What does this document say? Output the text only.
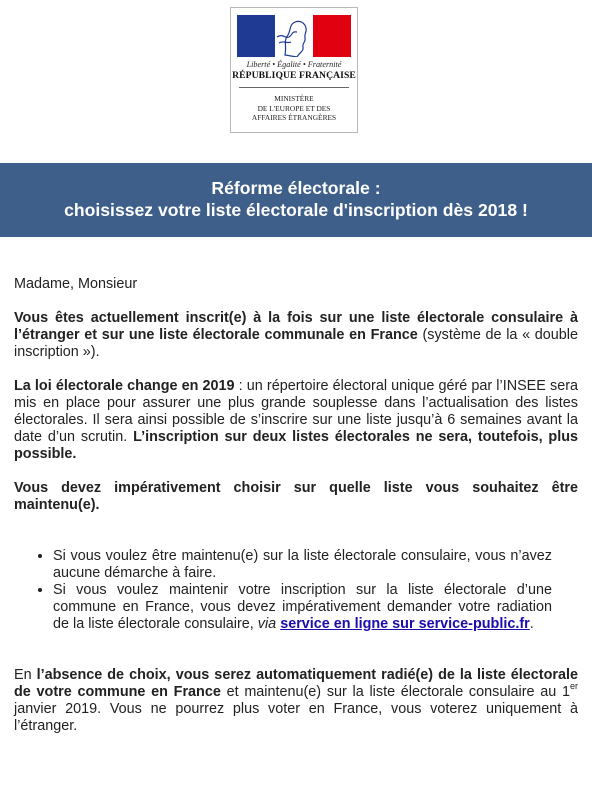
Liberté • Égalité • Fraternité
RÉPUBLIQUE FRANÇAISE
MINISTÈRE
DE L'EUROPE ET DES
AFFAIRES ÉTRANGÈRES
Réforme électorale :
choisissez votre liste électorale d'inscription dès 2018 !

Madame, Monsieur

Vous êtes actuellement inscrit(e) à la fois sur une liste électorale consulaire à l’étranger et sur une liste électorale communale en France (système de la « double inscription »).

La loi électorale change en 2019 : un répertoire électoral unique géré par l’INSEE sera mis en place pour assurer une plus grande souplesse dans l’actualisation des listes électorales. Il sera ainsi possible de s’inscrire sur une liste jusqu’à 6 semaines avant la date d’un scrutin. L’inscription sur deux listes électorales ne sera, toutefois, plus possible.

Vous devez impérativement choisir sur quelle liste vous souhaitez être maintenu(e).

• Si vous voulez être maintenu(e) sur la liste électorale consulaire, vous n’avez aucune démarche à faire.
• Si vous voulez maintenir votre inscription sur la liste électorale d’une commune en France, vous devez impérativement demander votre radiation de la liste électorale consulaire, via service en ligne sur service-public.fr.

En l’absence de choix, vous serez automatiquement radié(e) de la liste électorale de votre commune en France et maintenu(e) sur la liste électorale consulaire au 1er janvier 2019. Vous ne pourrez plus voter en France, vous voterez uniquement à l’étranger.
